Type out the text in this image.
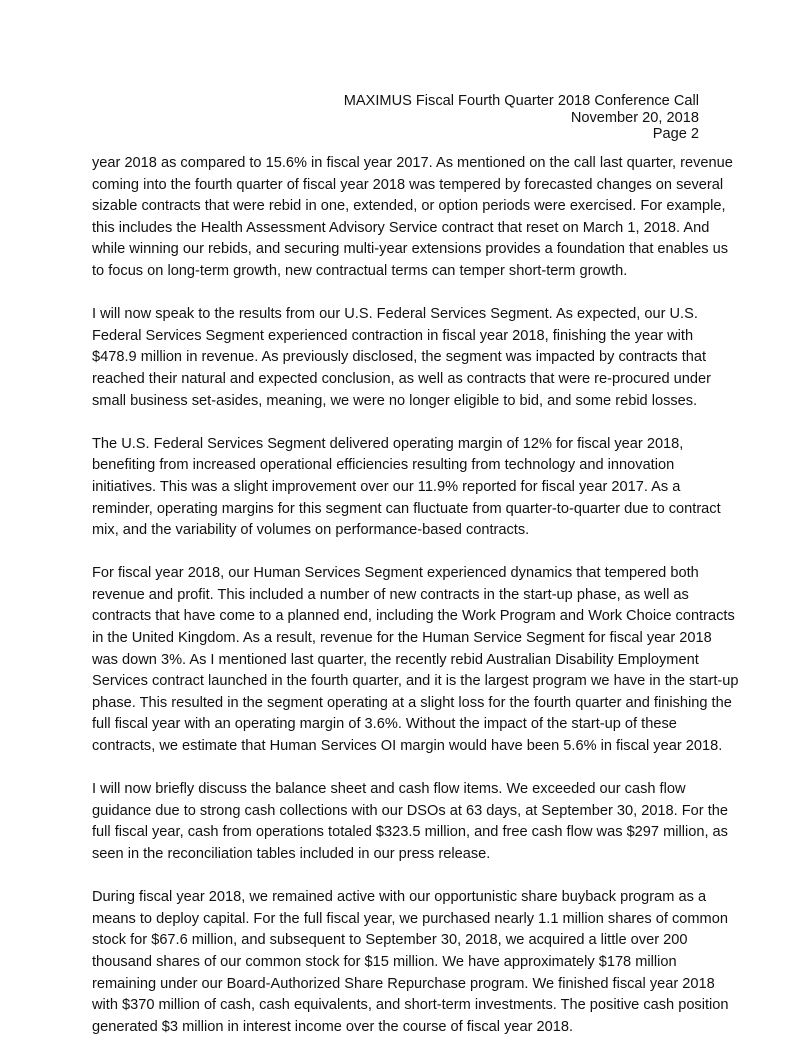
MAXIMUS Fiscal Fourth Quarter 2018 Conference Call
November 20, 2018
Page 2

year 2018 as compared to 15.6% in fiscal year 2017. As mentioned on the call last quarter, revenue
coming into the fourth quarter of fiscal year 2018 was tempered by forecasted changes on several
sizable contracts that were rebid in one, extended, or option periods were exercised. For example,
this includes the Health Assessment Advisory Service contract that reset on March 1, 2018. And
while winning our rebids, and securing multi-year extensions provides a foundation that enables us
to focus on long-term growth, new contractual terms can temper short-term growth.

I will now speak to the results from our U.S. Federal Services Segment. As expected, our U.S.
Federal Services Segment experienced contraction in fiscal year 2018, finishing the year with
$478.9 million in revenue. As previously disclosed, the segment was impacted by contracts that
reached their natural and expected conclusion, as well as contracts that were re-procured under
small business set-asides, meaning, we were no longer eligible to bid, and some rebid losses.

The U.S. Federal Services Segment delivered operating margin of 12% for fiscal year 2018,
benefiting from increased operational efficiencies resulting from technology and innovation
initiatives. This was a slight improvement over our 11.9% reported for fiscal year 2017. As a
reminder, operating margins for this segment can fluctuate from quarter-to-quarter due to contract
mix, and the variability of volumes on performance-based contracts.

For fiscal year 2018, our Human Services Segment experienced dynamics that tempered both
revenue and profit. This included a number of new contracts in the start-up phase, as well as
contracts that have come to a planned end, including the Work Program and Work Choice contracts
in the United Kingdom. As a result, revenue for the Human Service Segment for fiscal year 2018
was down 3%. As I mentioned last quarter, the recently rebid Australian Disability Employment
Services contract launched in the fourth quarter, and it is the largest program we have in the start-up
phase. This resulted in the segment operating at a slight loss for the fourth quarter and finishing the
full fiscal year with an operating margin of 3.6%. Without the impact of the start-up of these
contracts, we estimate that Human Services OI margin would have been 5.6% in fiscal year 2018.

I will now briefly discuss the balance sheet and cash flow items. We exceeded our cash flow
guidance due to strong cash collections with our DSOs at 63 days, at September 30, 2018. For the
full fiscal year, cash from operations totaled $323.5 million, and free cash flow was $297 million, as
seen in the reconciliation tables included in our press release.

During fiscal year 2018, we remained active with our opportunistic share buyback program as a
means to deploy capital. For the full fiscal year, we purchased nearly 1.1 million shares of common
stock for $67.6 million, and subsequent to September 30, 2018, we acquired a little over 200
thousand shares of our common stock for $15 million. We have approximately $178 million
remaining under our Board-Authorized Share Repurchase program. We finished fiscal year 2018
with $370 million of cash, cash equivalents, and short-term investments. The positive cash position
generated $3 million in interest income over the course of fiscal year 2018.
